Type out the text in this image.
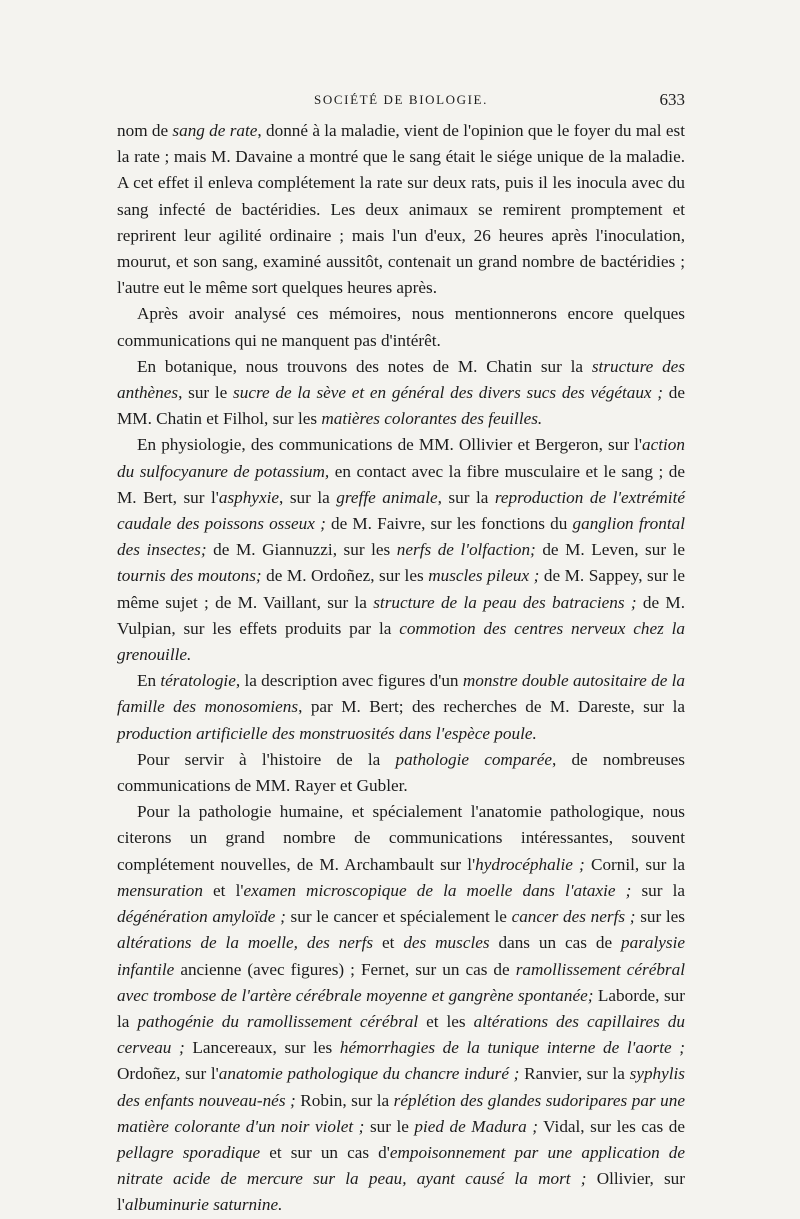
SOCIÉTÉ DE BIOLOGIE.	633

nom de sang de rate, donné à la maladie, vient de l'opinion que le foyer du mal est la rate ; mais M. Davaine a montré que le sang était le siége unique de la maladie. A cet effet il enleva complétement la rate sur deux rats, puis il les inocula avec du sang infecté de bactéridies. Les deux animaux se remirent promptement et reprirent leur agilité ordinaire ; mais l'un d'eux, 26 heures après l'inoculation, mourut, et son sang, examiné aussitôt, contenait un grand nombre de bactéridies ; l'autre eut le même sort quelques heures après.

Après avoir analysé ces mémoires, nous mentionnerons encore quelques communications qui ne manquent pas d'intérêt.

En botanique, nous trouvons des notes de M. Chatin sur la structure des anthènes, sur le sucre de la sève et en général des divers sucs des végétaux ; de MM. Chatin et Filhol, sur les matières colorantes des feuilles.

En physiologie, des communications de MM. Ollivier et Bergeron, sur l'action du sulfocyanure de potassium, en contact avec la fibre musculaire et le sang ; de M. Bert, sur l'asphyxie, sur la greffe animale, sur la reproduction de l'extrémité caudale des poissons osseux ; de M. Faivre, sur les fonctions du ganglion frontal des insectes; de M. Giannuzzi, sur les nerfs de l'olfaction; de M. Leven, sur le tournis des moutons; de M. Ordoñez, sur les muscles pileux ; de M. Sappey, sur le même sujet ; de M. Vaillant, sur la structure de la peau des batraciens ; de M. Vulpian, sur les effets produits par la commotion des centres nerveux chez la grenouille.

En tératologie, la description avec figures d'un monstre double autositaire de la famille des monosomiens, par M. Bert; des recherches de M. Dareste, sur la production artificielle des monstruosités dans l'espèce poule.

Pour servir à l'histoire de la pathologie comparée, de nombreuses communications de MM. Rayer et Gubler.

Pour la pathologie humaine, et spécialement l'anatomie pathologique, nous citerons un grand nombre de communications intéressantes, souvent complétement nouvelles, de M. Archambault sur l'hydrocéphalie ; Cornil, sur la mensuration et l'examen microscopique de la moelle dans l'ataxie ; sur la dégénération amyloïde ; sur le cancer et spécialement le cancer des nerfs ; sur les altérations de la moelle, des nerfs et des muscles dans un cas de paralysie infantile ancienne (avec figures) ; Fernet, sur un cas de ramollissement cérébral avec trombose de l'artère cérébrale moyenne et gangrène spontanée; Laborde, sur la pathogénie du ramollissement cérébral et les altérations des capillaires du cerveau ; Lancereaux, sur les hémorrhagies de la tunique interne de l'aorte ; Ordoñez, sur l'anatomie pathologique du chancre induré ; Ranvier, sur la syphylis des enfants nouveau-nés ; Robin, sur la réplétion des glandes sudoripares par une matière colorante d'un noir violet ; sur le pied de Madura ; Vidal, sur les cas de pellagre sporadique et sur un cas d'empoisonnement par une application de nitrate acide de mercure sur la peau, ayant causé la mort ; Ollivier, sur l'albuminurie saturnine.
